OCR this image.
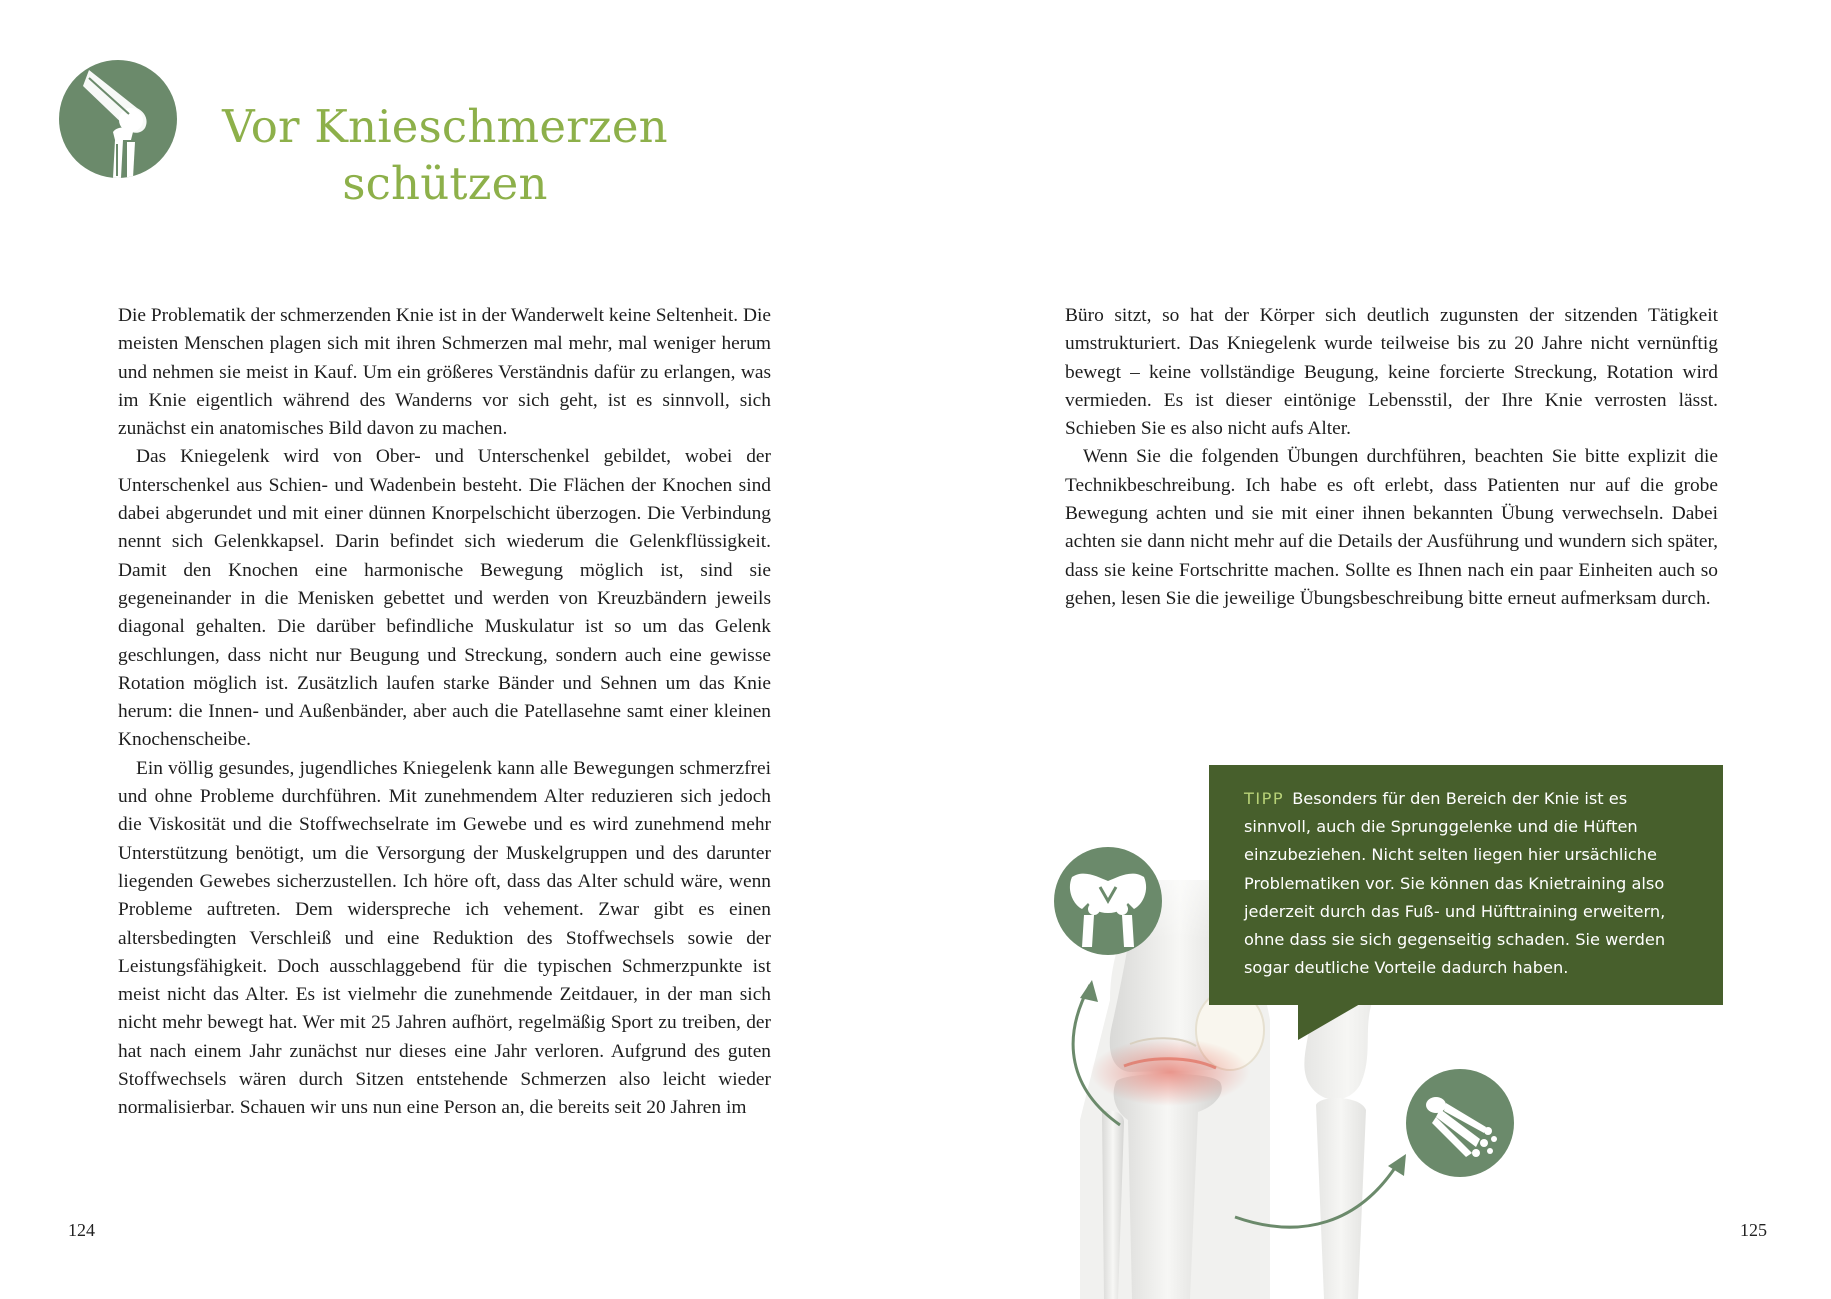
Vor Knieschmerzen
schützen

Die Problematik der schmerzenden Knie ist in der Wanderwelt keine Seltenheit. Die meisten Menschen plagen sich mit ihren Schmerzen mal mehr, mal weniger herum und nehmen sie meist in Kauf. Um ein größeres Verständnis dafür zu erlangen, was im Knie eigentlich während des Wanderns vor sich geht, ist es sinnvoll, sich zunächst ein anatomisches Bild davon zu machen.

Das Kniegelenk wird von Ober- und Unterschenkel gebildet, wobei der Unterschenkel aus Schien- und Wadenbein besteht. Die Flächen der Knochen sind dabei abgerundet und mit einer dünnen Knorpelschicht überzogen. Die Verbindung nennt sich Gelenkkapsel. Darin befindet sich wiederum die Gelenkflüssigkeit. Damit den Knochen eine harmonische Bewegung möglich ist, sind sie gegeneinander in die Menisken gebettet und werden von Kreuzbändern jeweils diagonal gehalten. Die darüber befindliche Muskulatur ist so um das Gelenk geschlungen, dass nicht nur Beugung und Streckung, sondern auch eine gewisse Rotation möglich ist. Zusätzlich laufen starke Bänder und Sehnen um das Knie herum: die Innen- und Außenbänder, aber auch die Patellasehne samt einer kleinen Knochenscheibe.

Ein völlig gesundes, jugendliches Kniegelenk kann alle Bewegungen schmerzfrei und ohne Probleme durchführen. Mit zunehmendem Alter reduzieren sich jedoch die Viskosität und die Stoffwechselrate im Gewebe und es wird zunehmend mehr Unterstützung benötigt, um die Versorgung der Muskelgruppen und des darunter liegenden Gewebes sicherzustellen. Ich höre oft, dass das Alter schuld wäre, wenn Probleme auftreten. Dem widerspreche ich vehement. Zwar gibt es einen altersbedingten Verschleiß und eine Reduktion des Stoffwechsels sowie der Leistungsfähigkeit. Doch ausschlaggebend für die typischen Schmerzpunkte ist meist nicht das Alter. Es ist vielmehr die zunehmende Zeitdauer, in der man sich nicht mehr bewegt hat. Wer mit 25 Jahren aufhört, regelmäßig Sport zu treiben, der hat nach einem Jahr zunächst nur dieses eine Jahr verloren. Aufgrund des guten Stoffwechsels wären durch Sitzen entstehende Schmerzen also leicht wieder normalisierbar. Schauen wir uns nun eine Person an, die bereits seit 20 Jahren im

Büro sitzt, so hat der Körper sich deutlich zugunsten der sitzenden Tätigkeit umstrukturiert. Das Kniegelenk wurde teilweise bis zu 20 Jahre nicht vernünftig bewegt – keine vollständige Beugung, keine forcierte Streckung, Rotation wird vermieden. Es ist dieser eintönige Lebensstil, der Ihre Knie verrosten lässt. Schieben Sie es also nicht aufs Alter.

Wenn Sie die folgenden Übungen durchführen, beachten Sie bitte explizit die Technikbeschreibung. Ich habe es oft erlebt, dass Patienten nur auf die grobe Bewegung achten und sie mit einer ihnen bekannten Übung verwechseln. Dabei achten sie dann nicht mehr auf die Details der Ausführung und wundern sich später, dass sie keine Fortschritte machen. Sollte es Ihnen nach ein paar Einheiten auch so gehen, lesen Sie die jeweilige Übungsbeschreibung bitte erneut aufmerksam durch.

TIPP Besonders für den Bereich der Knie ist es sinnvoll, auch die Sprunggelenke und die Hüften einzubeziehen. Nicht selten liegen hier ursächliche Problematiken vor. Sie können das Knietraining also jederzeit durch das Fuß- und Hüfttraining erweitern, ohne dass sie sich gegenseitig schaden. Sie werden sogar deutliche Vorteile dadurch haben.
124	125
